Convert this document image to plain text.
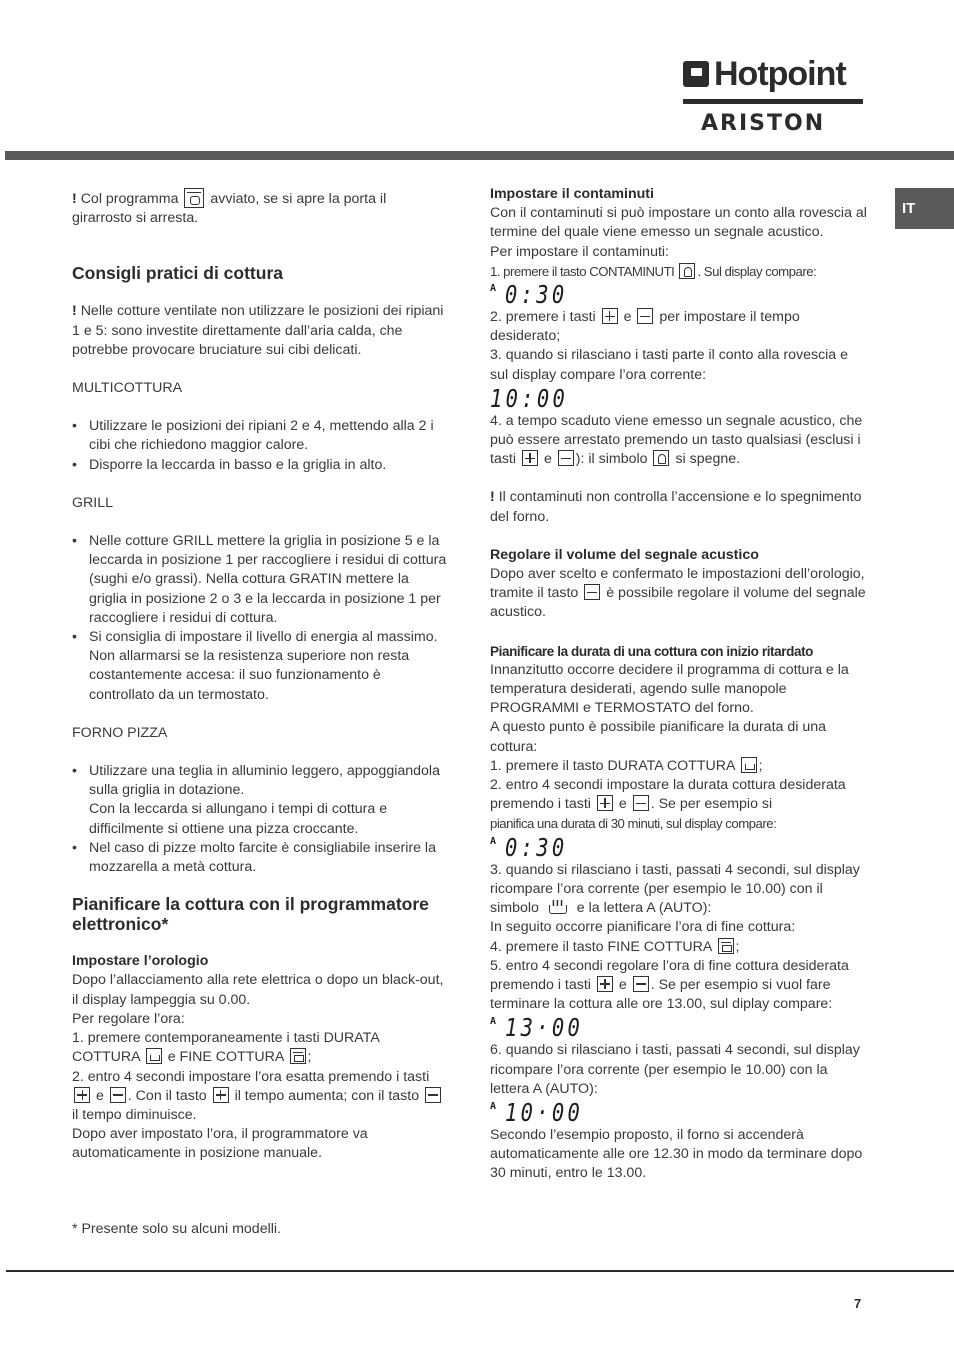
Hotpoint
ARISTON
IT

! Col programma avviato, se si apre la porta il girarrosto si arresta.

Consigli pratici di cottura

! Nelle cotture ventilate non utilizzare le posizioni dei ripiani 1 e 5: sono investite direttamente dall’aria calda, che potrebbe provocare bruciature sui cibi delicati.

MULTICOTTURA

• Utilizzare le posizioni dei ripiani 2 e 4, mettendo alla 2 i cibi che richiedono maggior calore.
• Disporre la leccarda in basso e la griglia in alto.

GRILL

• Nelle cotture GRILL mettere la griglia in posizione 5 e la leccarda in posizione 1 per raccogliere i residui di cottura (sughi e/o grassi). Nella cottura GRATIN mettere la griglia in posizione 2 o 3 e la leccarda in posizione 1 per raccogliere i residui di cottura.
• Si consiglia di impostare il livello di energia al massimo. Non allarmarsi se la resistenza superiore non resta costantemente accesa: il suo funzionamento è controllato da un termostato.

FORNO PIZZA

• Utilizzare una teglia in alluminio leggero, appoggiandola sulla griglia in dotazione.

Con la leccarda si allungano i tempi di cottura e difficilmente si ottiene una pizza croccante.

• Nel caso di pizze molto farcite è consigliabile inserire la mozzarella a metà cottura.

Pianificare la cottura con il programmatore elettronico*

Impostare l’orologio

Dopo l’allacciamento alla rete elettrica o dopo un black-out, il display lampeggia su 0.00.

Per regolare l’ora:

1. premere contemporaneamente i tasti DURATA COTTURA e FINE COTTURA ;

2. entro 4 secondi impostare l’ora esatta premendo i tasti  e . Con il tasto il tempo aumenta; con il tasto  il tempo diminuisce.

Dopo aver impostato l’ora, il programmatore va automaticamente in posizione manuale.

* Presente solo su alcuni modelli.

Impostare il contaminuti

Con il contaminuti si può impostare un conto alla rovescia al termine del quale viene emesso un segnale acustico.

Per impostare il contaminuti:

1. premere il tasto CONTAMINUTI . Sul display compare:

A 0:30

2. premere i tasti e per impostare il tempo desiderato;

3. quando si rilasciano i tasti parte il conto alla rovescia e sul display compare l’ora corrente:

10:00

4. a tempo scaduto viene emesso un segnale acustico, che può essere arrestato premendo un tasto qualsiasi (esclusi i tasti e ): il simbolo si spegne.

! Il contaminuti non controlla l’accensione e lo spegnimento del forno.

Regolare il volume del segnale acustico

Dopo aver scelto e confermato le impostazioni dell’orologio, tramite il tasto è possibile regolare il volume del segnale acustico.

Pianificare la durata di una cottura con inizio ritardato

Innanzitutto occorre decidere il programma di cottura e la temperatura desiderati, agendo sulle manopole PROGRAMMI e TERMOSTATO del forno.

A questo punto è possibile pianificare la durata di una cottura:

1. premere il tasto DURATA COTTURA ;

2. entro 4 secondi impostare la durata cottura desiderata premendo i tasti e . Se per esempio si

pianifica una durata di 30 minuti, sul display compare:

A 0:30

3. quando si rilasciano i tasti, passati 4 secondi, sul display ricompare l’ora corrente (per esempio le 10.00) con il simbolo ııı	e la lettera A (AUTO):

In seguito occorre pianificare l’ora di fine cottura:

4. premere il tasto FINE COTTURA ;

5. entro 4 secondi regolare l’ora di fine cottura desiderata premendo i tasti e . Se per esempio si vuol fare terminare la cottura alle ore 13.00, sul diplay compare:

A 13·00

6. quando si rilasciano i tasti, passati 4 secondi, sul display ricompare l’ora corrente (per esempio le 10.00) con la lettera A (AUTO):

A 10·00

Secondo l’esempio proposto, il forno si accenderà automaticamente alle ore 12.30 in modo da terminare dopo 30 minuti, entro le 13.00.

7
